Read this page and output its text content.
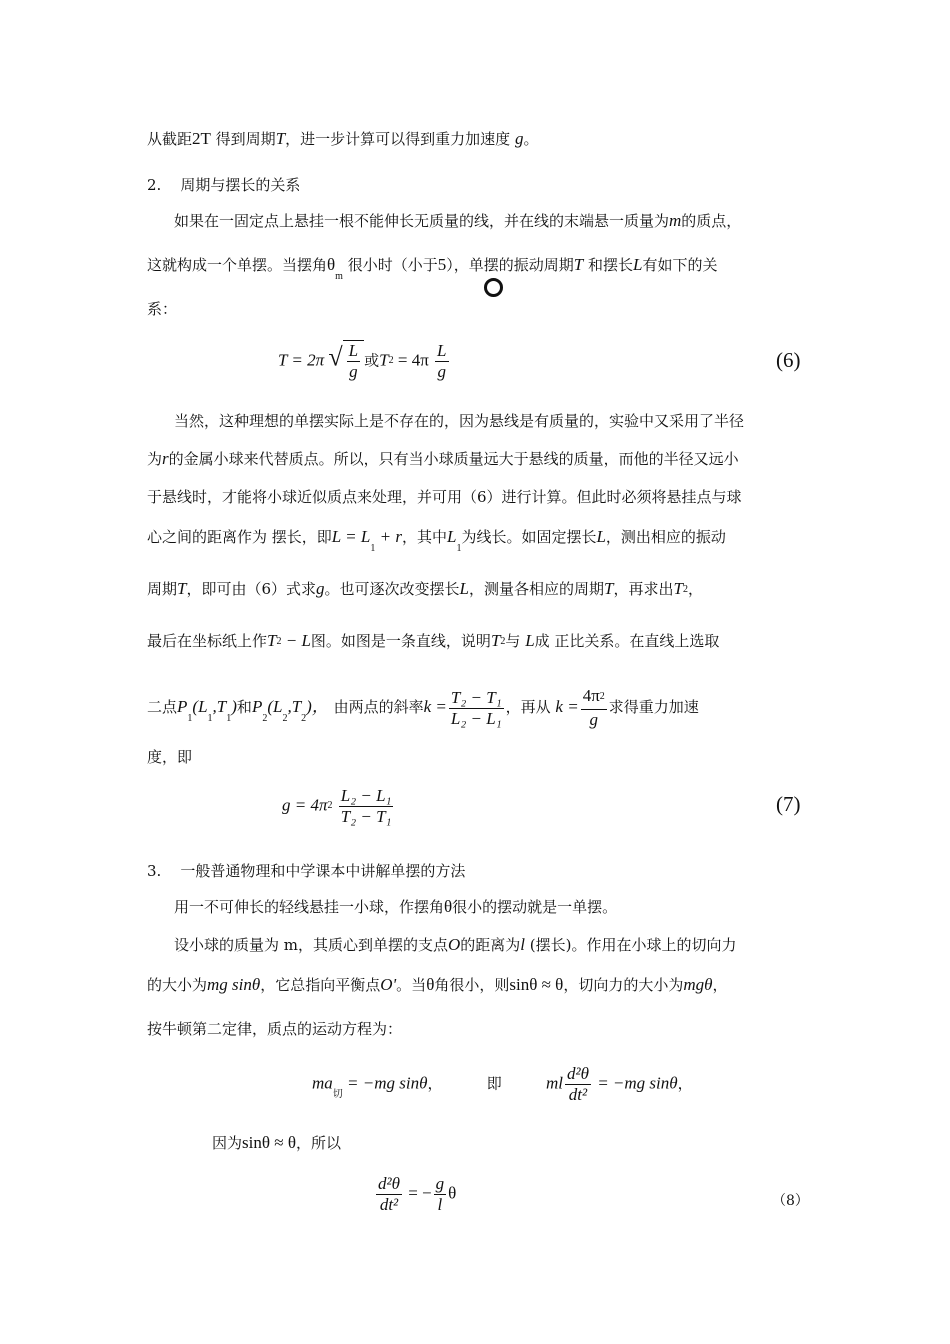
从截距2T 得到周期T，进一步计算可以得到重力加速度 g。
2. 周期与摆长的关系
如果在一固定点上悬挂一根不能伸长无质量的线，并在线的末端悬一质量为m的质点，
这就构成一个单摆。当摆角$\theta_m$ 很小时（小于5），单摆的振动周期T 和摆长L有如下的关
系：
T = 2π √ $\frac{L}{g}$ 或$T2 = 4\pi \frac{L}{g}$	(6)
当然，这种理想的单摆实际上是不存在的，因为悬线是有质量的，实验中又采用了半径
为r的金属小球来代替质点。所以，只有当小球质量远大于悬线的质量，而他的半径又远小
于悬线时，才能将小球近似质点来处理，并可用（6）进行计算。但此时必须将悬挂点与球
心之间的距离作为 摆长，即$L = L_1 + r$，其中$L_1$为线长。如固定摆长L，测出相应的振动
周期T，即可由（6）式求g。也可逐次改变摆长L，测量各相应的周期T，再求出T2，
最后在坐标纸上作T2 − L图。如图是一条直线，说明T2与 L成 正比关系。在直线上选取
二点$P_1(L_1,T_1)$和$P_2(L_2,T_2)$， 由两点的斜率$k = \frac{\text{T₂ − T₁}}{\text{L₂ − L₁}}$ ，再从 $k = \frac{4\pi 2}{g}$ 求得重力加速
度，即
$g = 4\pi 2 \frac{\text{L₂ − L₁}}{\text{T₂ − T₁}}$	(7)
3. 一般普通物理和中学课本中讲解单摆的方法
用一不可伸长的轻线悬挂一小球，作摆角θ很小的摆动就是一单摆。
设小球的质量为 m，其质心到单摆的支点O的距离为l (摆长)。作用在小球上的切向力
的大小为mg sinθ，它总指向平衡点O'。当θ角很小，则sinθ ≈ θ，切向力的大小为mgθ，
按牛顿第二定律，质点的运动方程为：
$ma_切 = -mg$ sinθ，	即	ml $\frac{\text{d²θ}}{\text{dt²}} = -mg$ sinθ，
因为sinθ ≈ θ，所以
$\frac{\text{d²θ}}{\text{dt²}}$ = − $\frac{g}{l}$ θ	（8）
